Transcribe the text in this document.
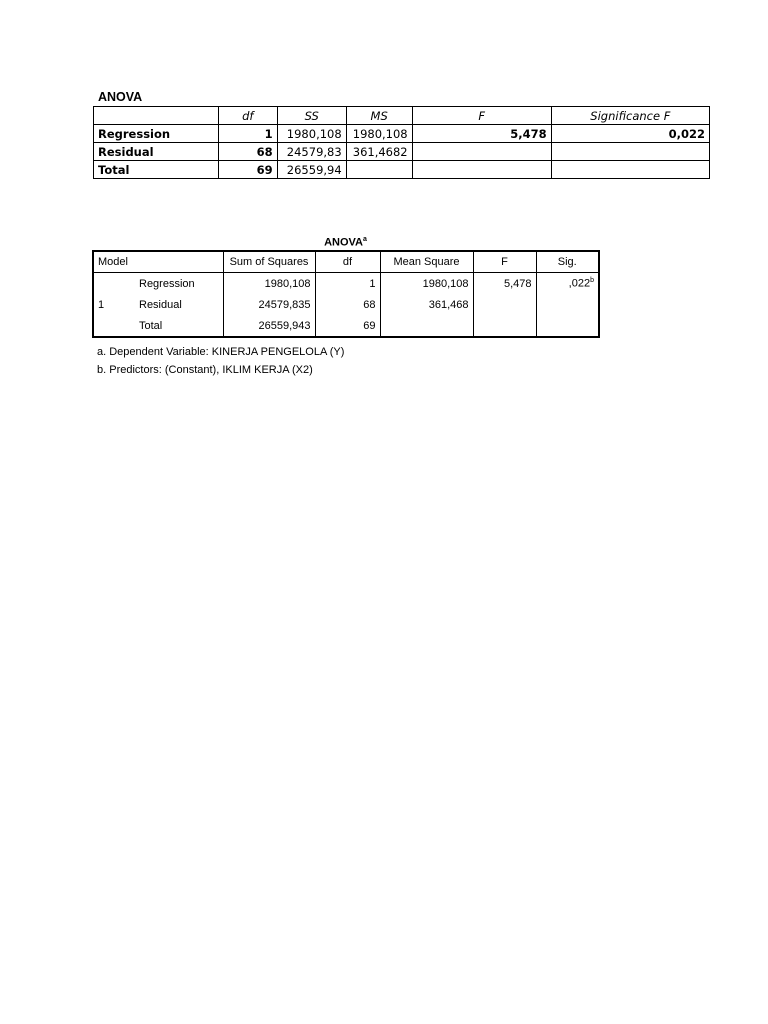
ANOVA
	df	SS	MS	F	Significance F
Regression	1	1980,108	1980,108	5,478	0,022
Residual	68	24579,83	361,4682		
Total	69	26559,94			
ANOVA$^a$
Model		Sum of Squares	df	Mean Square	F	Sig.
1	Regression	1980,108	1	1980,108	5,478	,022$^b$
	Residual	24579,835	68	361,468		
	Total	26559,943	69			
a. Dependent Variable: KINERJA PENGELOLA (Y)
b. Predictors: (Constant), IKLIM KERJA (X2)
